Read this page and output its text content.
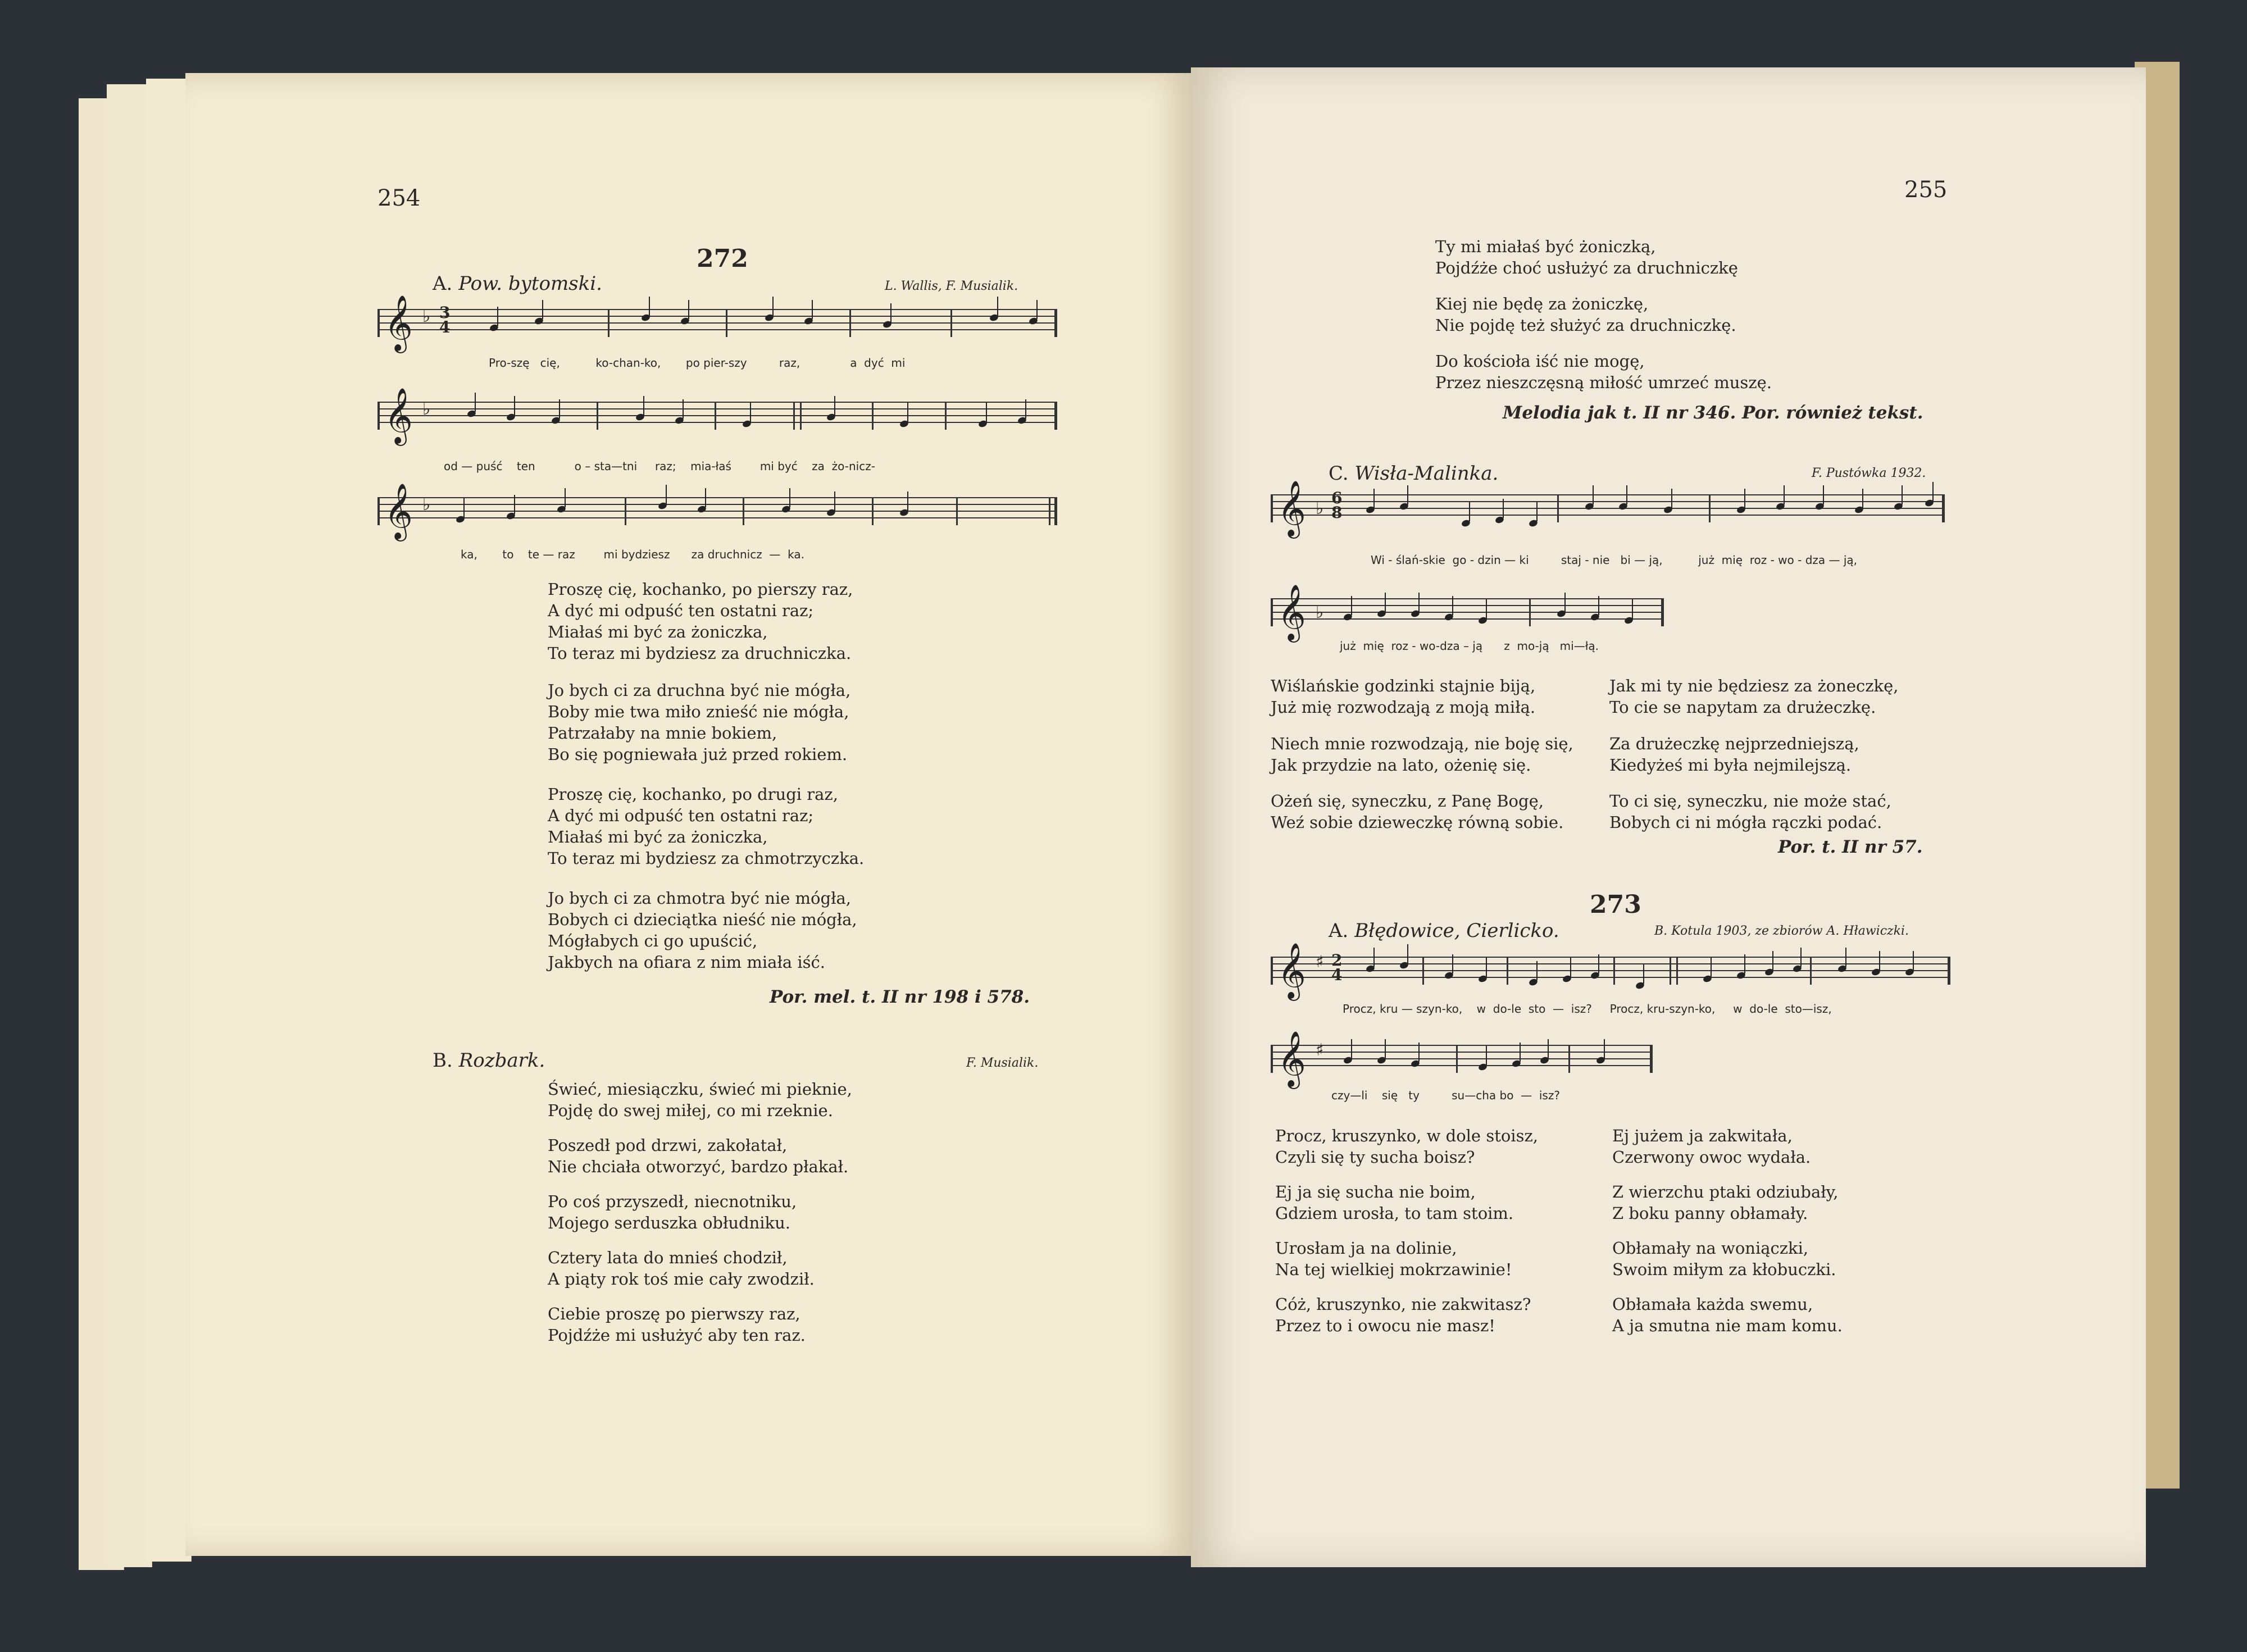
254
272
A. Pow. bytomski.	L. Wallis, F. Musialik.
𝄞 ♭ 3
4
Pro-szę   cię,          ko-chan-ko,       po pier-szy         raz,              a  dyć  mi
𝄞 ♭
od — puść    ten           o – sta—tni     raz;    mia-łaś        mi być    za  żo-nicz-
𝄞 ♭
ka,       to    te — raz        mi bydziesz      za druchnicz  —  ka.
Proszę cię, kochanko, po pierszy raz,
A dyć mi odpuść ten ostatni raz;
Miałaś mi być za żoniczka,
To teraz mi bydziesz za druchniczka.
Jo bych ci za druchna być nie mógła,
Boby mie twa miło znieść nie mógła,
Patrzałaby na mnie bokiem,
Bo się pogniewała już przed rokiem.
Proszę cię, kochanko, po drugi raz,
A dyć mi odpuść ten ostatni raz;
Miałaś mi być za żoniczka,
To teraz mi bydziesz za chmotrzyczka.
Jo bych ci za chmotra być nie mógła,
Bobych ci dzieciątka nieść nie mógła,
Mógłabych ci go upuścić,
Jakbych na ofiara z nim miała iść.
Por. mel. t. II nr 198 i 578.
B. Rozbark.	F. Musialik.
Świeć, miesiączku, świeć mi pieknie,
Pojdę do swej miłej, co mi rzeknie.
Poszedł pod drzwi, zakołatał,
Nie chciała otworzyć, bardzo płakał.
Po coś przyszedł, niecnotniku,
Mojego serduszka obłudniku.
Cztery lata do mnieś chodził,
A piąty rok toś mie cały zwodził.
Ciebie proszę po pierwszy raz,
Pojdźże mi usłużyć aby ten raz.
255
Ty mi miałaś być żoniczką,
Pojdźże choć usłużyć za druchniczkę
Kiej nie będę za żoniczkę,
Nie pojdę też służyć za druchniczkę.
Do kościoła iść nie mogę,
Przez nieszczęsną miłość umrzeć muszę.
Melodia jak t. II nr 346. Por. również tekst.
C. Wisła-Malinka.	F. Pustówka 1932.
𝄞 ♭
6
8
Wi - ślań-skie  go - dzin — ki         staj - nie   bi — ją,          już  mię  roz - wo - dza — ją,
𝄞 ♭
już  mię  roz - wo-dza – ją      z  mo-ją   mi—łą.
Wiślańskie godzinki stajnie biją,
Już mię rozwodzają z moją miłą.
Niech mnie rozwodzają, nie boję się,
Jak przydzie na lato, ożenię się.
Ożeń się, syneczku, z Panę Bogę,
Weź sobie dzieweczkę równą sobie.
Jak mi ty nie będziesz za żoneczkę,
To cie se napytam za drużeczkę.
Za drużeczkę nejprzedniejszą,
Kiedyżeś mi była nejmilejszą.
To ci się, syneczku, nie może stać,
Bobych ci ni mógła rączki podać.
Por. t. II nr 57.
273
A. Błędowice, Cierlicko.	B. Kotula 1903, ze zbiorów A. Hławiczki.
𝄞 ♯ 2
4
Procz, kru — szyn-ko,    w  do-le  sto  —  isz?     Procz, kru-szyn-ko,     w  do-le  sto—isz,
𝄞 ♯
czy—li    się   ty         su—cha bo  —  isz?
Procz, kruszynko, w dole stoisz,
Czyli się ty sucha boisz?
Ej ja się sucha nie boim,
Gdziem urosła, to tam stoim.
Urosłam ja na dolinie,
Na tej wielkiej mokrzawinie!
Cóż, kruszynko, nie zakwitasz?
Przez to i owocu nie masz!
Ej jużem ja zakwitała,
Czerwony owoc wydała.
Z wierzchu ptaki odziubały,
Z boku panny obłamały.
Obłamały na woniączki,
Swoim miłym za kłobuczki.
Obłamała każda swemu,
A ja smutna nie mam komu.
